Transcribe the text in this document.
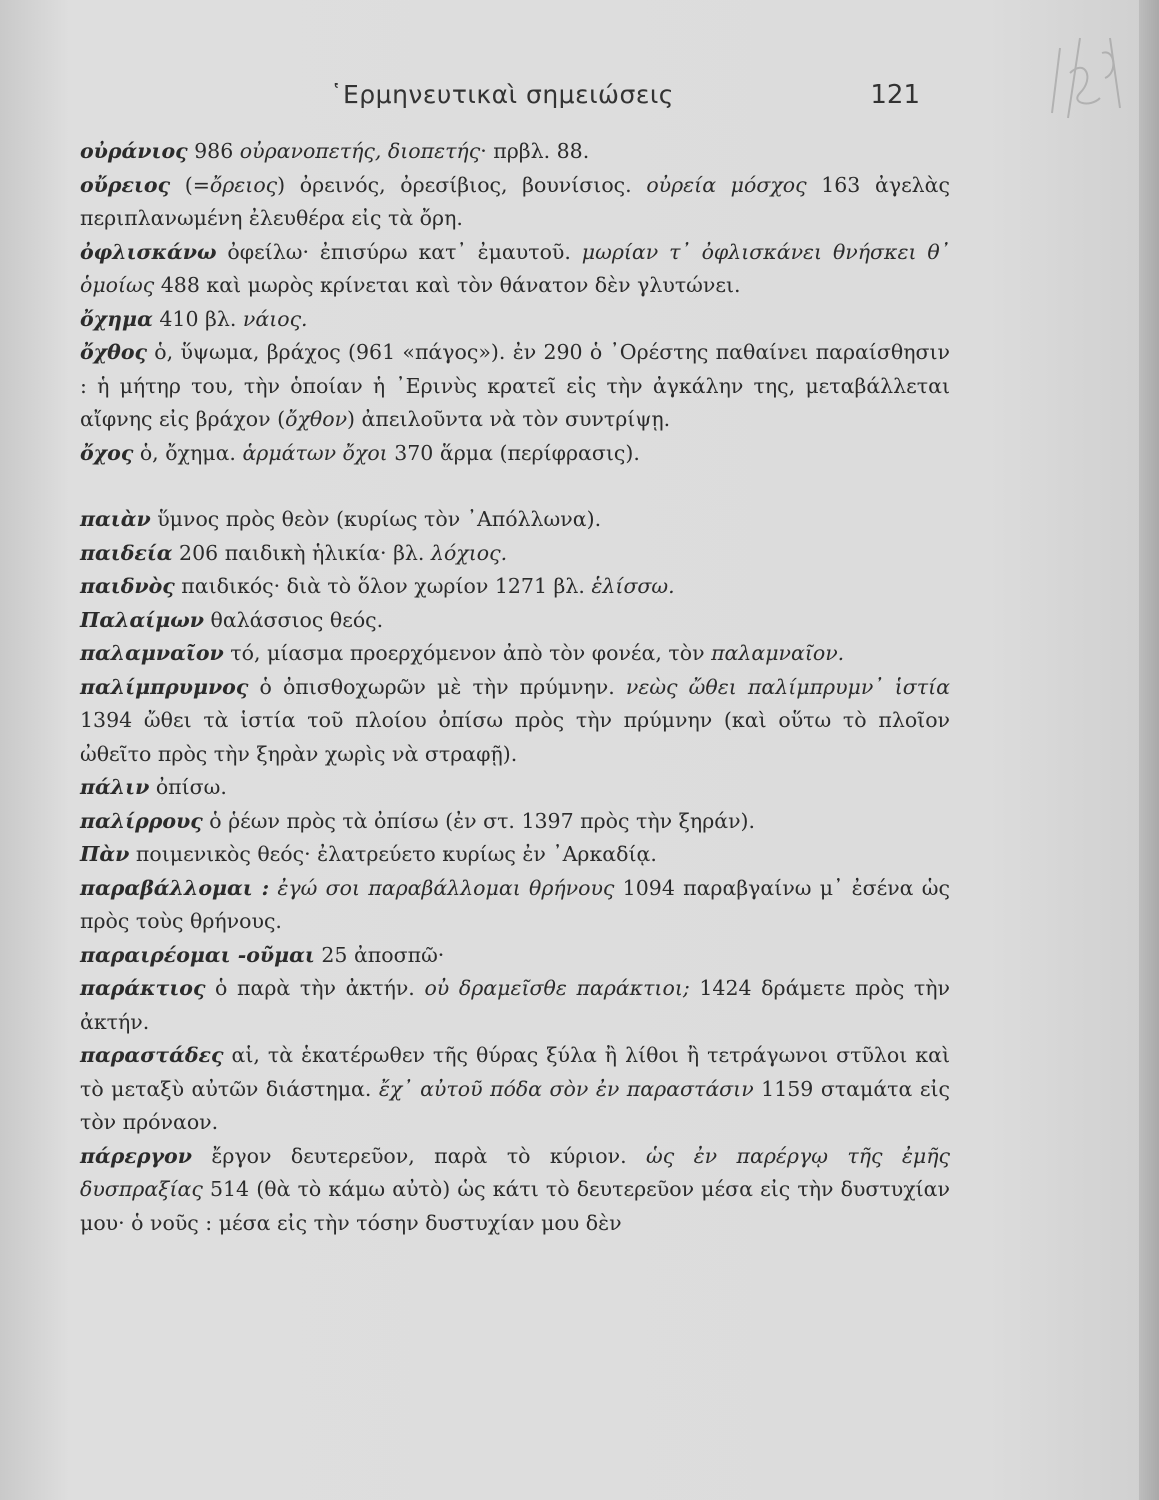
῾Ερμηνευτικαὶ σημειώσεις	121	Ψηφία

οὐράνιος 986 οὐρανοπετής, διοπετής· πρβλ. 88.

οὔρειος (=ὄρειος) ὀρεινός, ὀρεσίβιος, βουνίσιος. οὐρεία μόσχος 163 ἀγελὰς περιπλανωμένη ἐλευθέρα εἰς τὰ ὄρη.

ὀφλισκάνω ὀφείλω· ἐπισύρω κατ᾿ ἐμαυτοῦ. μωρίαν τ᾿ ὀφλισκάνει θνήσκει θ᾿ ὁμοίως 488 καὶ μωρὸς κρίνεται καὶ τὸν θάνατον δὲν γλυτώνει.

ὄχημα 410 βλ. νάιος.

ὄχθος ὁ, ὕψωμα, βράχος (961 «πάγος»). ἐν 290 ὁ ᾿Ορέστης παθαίνει παραίσθησιν : ἡ μήτηρ του, τὴν ὁποίαν ἡ ᾿Ερινὺς κρατεῖ εἰς τὴν ἀγκάλην της, μεταβάλλεται αἴφνης εἰς βράχον (ὄχθον) ἀπειλοῦντα νὰ τὸν συντρίψῃ.

ὄχος ὁ, ὄχημα. ἁρμάτων ὄχοι 370 ἅρμα (περίφρασις).

παιὰν ὕμνος πρὸς θεὸν (κυρίως τὸν ᾿Απόλλωνα).

παιδεία 206 παιδικὴ ἡλικία· βλ. λόχιος.

παιδνὸς παιδικός· διὰ τὸ ὅλον χωρίον 1271 βλ. ἑλίσσω.

Παλαίμων θαλάσσιος θεός.

παλαμναῖον τό, μίασμα προερχόμενον ἀπὸ τὸν φονέα, τὸν παλαμναῖον.

παλίμπρυμνος ὁ ὀπισθοχωρῶν μὲ τὴν πρύμνην. νεὼς ὤθει παλίμπρυμν᾿ ἱστία 1394 ὤθει τὰ ἱστία τοῦ πλοίου ὀπίσω πρὸς τὴν πρύμνην (καὶ οὕτω τὸ πλοῖον ὠθεῖτο πρὸς τὴν ξηρὰν χωρὶς νὰ στραφῇ).

πάλιν ὀπίσω.

παλίρρους ὁ ῥέων πρὸς τὰ ὀπίσω (ἐν στ. 1397 πρὸς τὴν ξηράν).

Πὰν ποιμενικὸς θεός· ἐλατρεύετο κυρίως ἐν ᾿Αρκαδίᾳ.

παραβάλλομαι : ἐγώ σοι παραβάλλομαι θρήνους 1094 παραβγαίνω μ᾿ ἐσένα ὡς πρὸς τοὺς θρήνους.

παραιρέομαι -οῦμαι 25 ἀποσπῶ·

παράκτιος ὁ παρὰ τὴν ἀκτήν. οὐ δραμεῖσθε παράκτιοι; 1424 δράμετε πρὸς τὴν ἀκτήν.

παραστάδες αἱ, τὰ ἑκατέρωθεν τῆς θύρας ξύλα ἢ λίθοι ἢ τετράγωνοι στῦλοι καὶ τὸ μεταξὺ αὐτῶν διάστημα. ἔχ᾿ αὐτοῦ πόδα σὸν ἐν παραστάσιν 1159 σταμάτα εἰς τὸν πρόναον.

πάρεργον ἔργον δευτερεῦον, παρὰ τὸ κύριον. ὡς ἐν παρέργῳ τῆς ἐμῆς δυσπραξίας 514 (θὰ τὸ κάμω αὐτὸ) ὡς κάτι τὸ δευτερεῦον μέσα εἰς τὴν δυστυχίαν μου· ὁ νοῦς : μέσα εἰς τὴν τόσην δυστυχίαν μου δὲν
